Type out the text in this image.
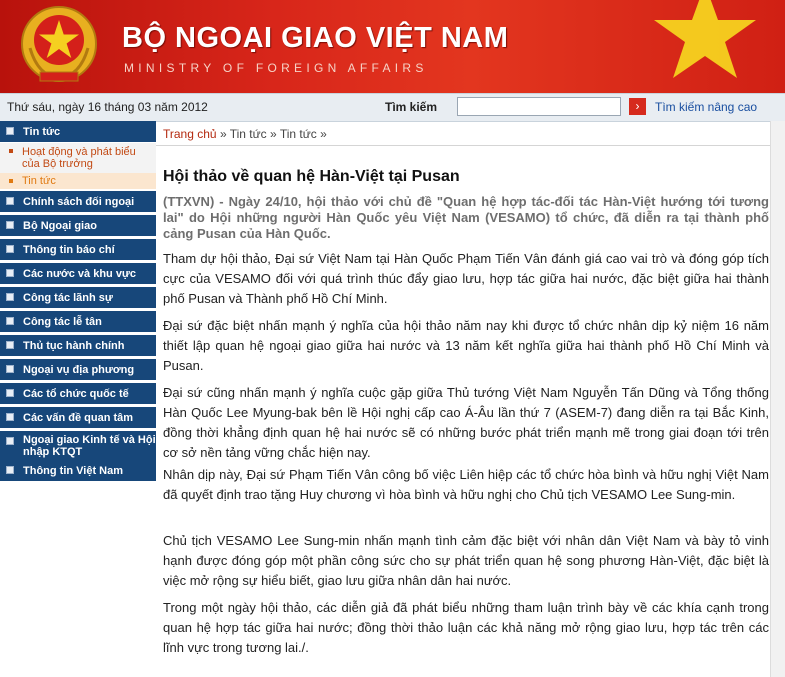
BỘ NGOẠI GIAO VIỆT NAM
MINISTRY OF FOREIGN AFFAIRS
Thứ sáu, ngày 16 tháng 03 năm 2012	Tìm kiếm	›	Tìm kiếm nâng cao
Tin tức
Hoạt động và phát biểu của Bộ trưởng
Tin tức
Chính sách đối ngoại
Bộ Ngoại giao
Thông tin báo chí
Các nước và khu vực
Công tác lãnh sự
Công tác lễ tân
Thủ tục hành chính
Ngoại vụ địa phương
Các tổ chức quốc tế
Các vấn đề quan tâm
Ngoại giao Kinh tế và Hội nhập KTQT
Thông tin Việt Nam
Trang chủ » Tin tức » Tin tức »
Hội thảo về quan hệ Hàn-Việt tại Pusan
(TTXVN) - Ngày 24/10, hội thảo với chủ đề "Quan hệ hợp tác-đối tác Hàn-Việt hướng tới tương lai" do Hội những người Hàn Quốc yêu Việt Nam (VESAMO) tổ chức, đã diễn ra tại thành phố cảng Pusan của Hàn Quốc.
Tham dự hội thảo, Đại sứ Việt Nam tại Hàn Quốc Phạm Tiến Vân đánh giá cao vai trò và đóng góp tích cực của VESAMO đối với quá trình thúc đẩy giao lưu, hợp tác giữa hai nước, đặc biệt giữa hai thành phố Pusan và Thành phố Hồ Chí Minh.
Đại sứ đặc biệt nhấn mạnh ý nghĩa của hội thảo năm nay khi được tổ chức nhân dịp kỷ niệm 16 năm thiết lập quan hệ ngoại giao giữa hai nước và 13 năm kết nghĩa giữa hai thành phố Hồ Chí Minh và Pusan.
Đại sứ cũng nhấn mạnh ý nghĩa cuộc gặp giữa Thủ tướng Việt Nam Nguyễn Tấn Dũng và Tổng thống Hàn Quốc Lee Myung-bak bên lề Hội nghị cấp cao Á-Âu lần thứ 7 (ASEM-7) đang diễn ra tại Bắc Kinh, đồng thời khẳng định quan hệ hai nước sẽ có những bước phát triển mạnh mẽ trong giai đoạn tới trên cơ sở nền tảng vững chắc hiện nay.
Nhân dịp này, Đại sứ Phạm Tiến Vân công bố việc Liên hiệp các tổ chức hòa bình và hữu nghị Việt Nam đã quyết định trao tặng Huy chương vì hòa bình và hữu nghị cho Chủ tịch VESAMO Lee Sung-min.
Chủ tịch VESAMO Lee Sung-min nhấn mạnh tình cảm đặc biệt với nhân dân Việt Nam và bày tỏ vinh hạnh được đóng góp một phần công sức cho sự phát triển quan hệ song phương Hàn-Việt, đặc biệt là việc mở rộng sự hiểu biết, giao lưu giữa nhân dân hai nước.
Trong một ngày hội thảo, các diễn giả đã phát biểu những tham luận trình bày về các khía cạnh trong quan hệ hợp tác giữa hai nước; đồng thời thảo luận các khả năng mở rộng giao lưu, hợp tác trên các lĩnh vực trong tương lai./.
